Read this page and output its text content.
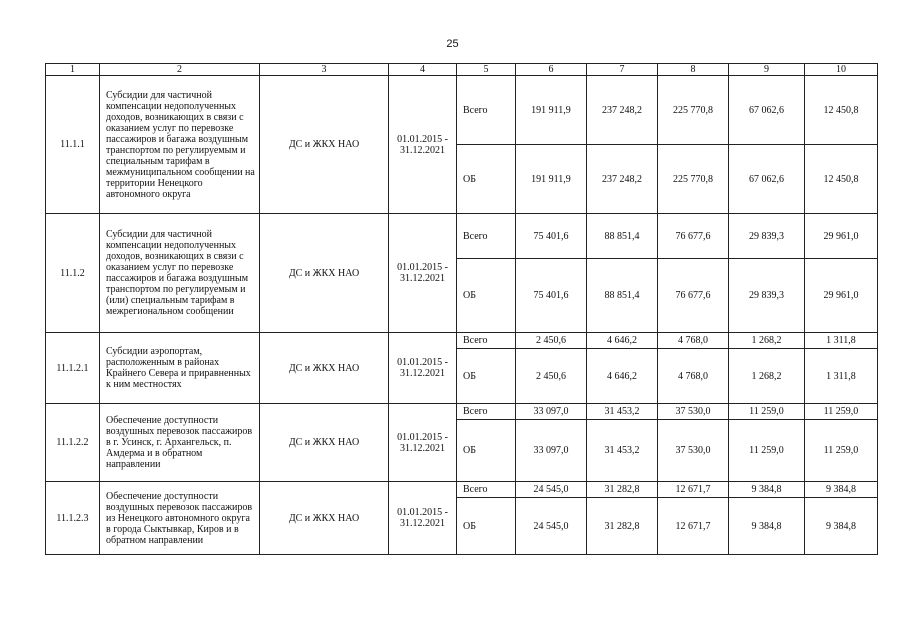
25
1	2	3	4	5	6	7	8	9	10
11.1.1	Субсидии для частичной компенсации недополученных доходов, возникающих в связи с оказанием услуг по перевозке пассажиров и багажа воздушным транспортом по регулируемым и специальным тарифам в межмуниципальном сообщении на территории Ненецкого автономного округа	ДС и ЖКХ НАО	01.01.2015 - 31.12.2021	Всего	191 911,9	237 248,2	225 770,8	67 062,6	12 450,8
				ОБ	191 911,9	237 248,2	225 770,8	67 062,6	12 450,8
11.1.2	Субсидии для частичной компенсации недополученных доходов, возникающих в связи с оказанием услуг по перевозке пассажиров и багажа воздушным транспортом по регулируемым и (или) специальным тарифам в межрегиональном сообщении	ДС и ЖКХ НАО	01.01.2015 - 31.12.2021	Всего	75 401,6	88 851,4	76 677,6	29 839,3	29 961,0
				ОБ	75 401,6	88 851,4	76 677,6	29 839,3	29 961,0
11.1.2.1	Субсидии аэропортам, расположенным в районах Крайнего Севера и приравненных к ним местностях	ДС и ЖКХ НАО	01.01.2015 - 31.12.2021	Всего	2 450,6	4 646,2	4 768,0	1 268,2	1 311,8
				ОБ	2 450,6	4 646,2	4 768,0	1 268,2	1 311,8
11.1.2.2	Обеспечение доступности воздушных перевозок пассажиров в г. Усинск, г. Архангельск, п. Амдерма и в обратном направлении	ДС и ЖКХ НАО	01.01.2015 - 31.12.2021	Всего	33 097,0	31 453,2	37 530,0	11 259,0	11 259,0
				ОБ	33 097,0	31 453,2	37 530,0	11 259,0	11 259,0
11.1.2.3	Обеспечение доступности воздушных перевозок пассажиров из Ненецкого автономного округа в города Сыктывкар, Киров и в обратном направлении	ДС и ЖКХ НАО	01.01.2015 - 31.12.2021	Всего	24 545,0	31 282,8	12 671,7	9 384,8	9 384,8
				ОБ	24 545,0	31 282,8	12 671,7	9 384,8	9 384,8
